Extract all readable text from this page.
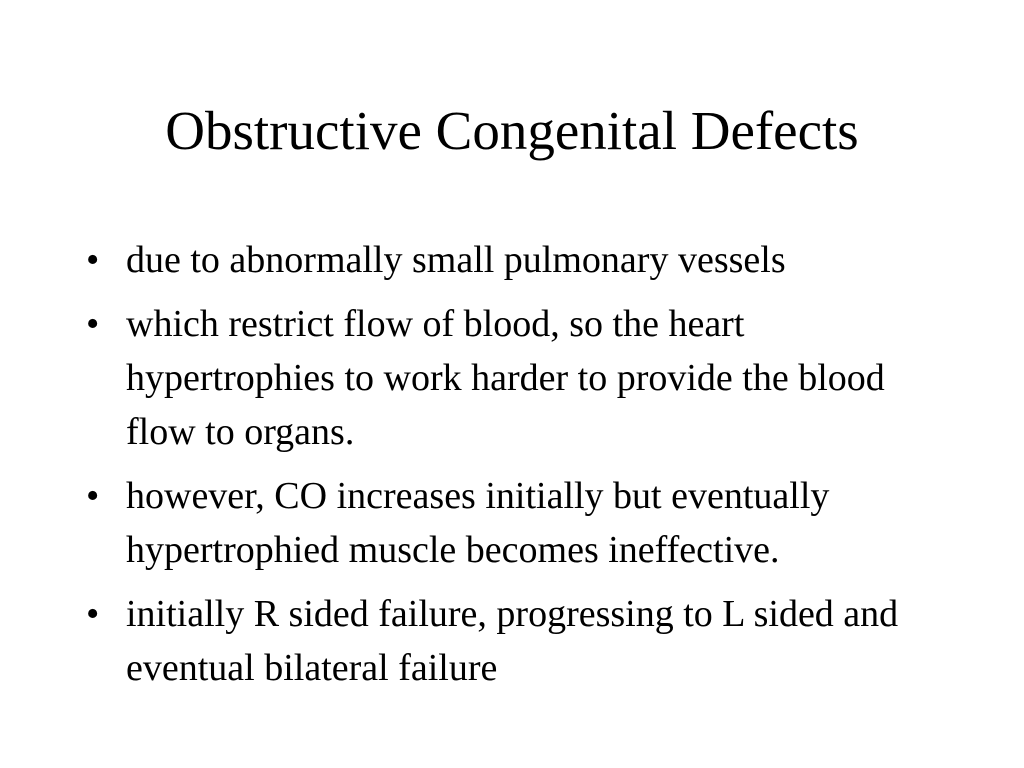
Obstructive Congenital Defects
• due to abnormally small pulmonary vessels
• which restrict flow of blood, so the heart hypertrophies to work harder to provide the blood flow to organs.
• however, CO increases initially but eventually hypertrophied muscle becomes ineffective.
• initially R sided failure, progressing to L sided and eventual bilateral failure
